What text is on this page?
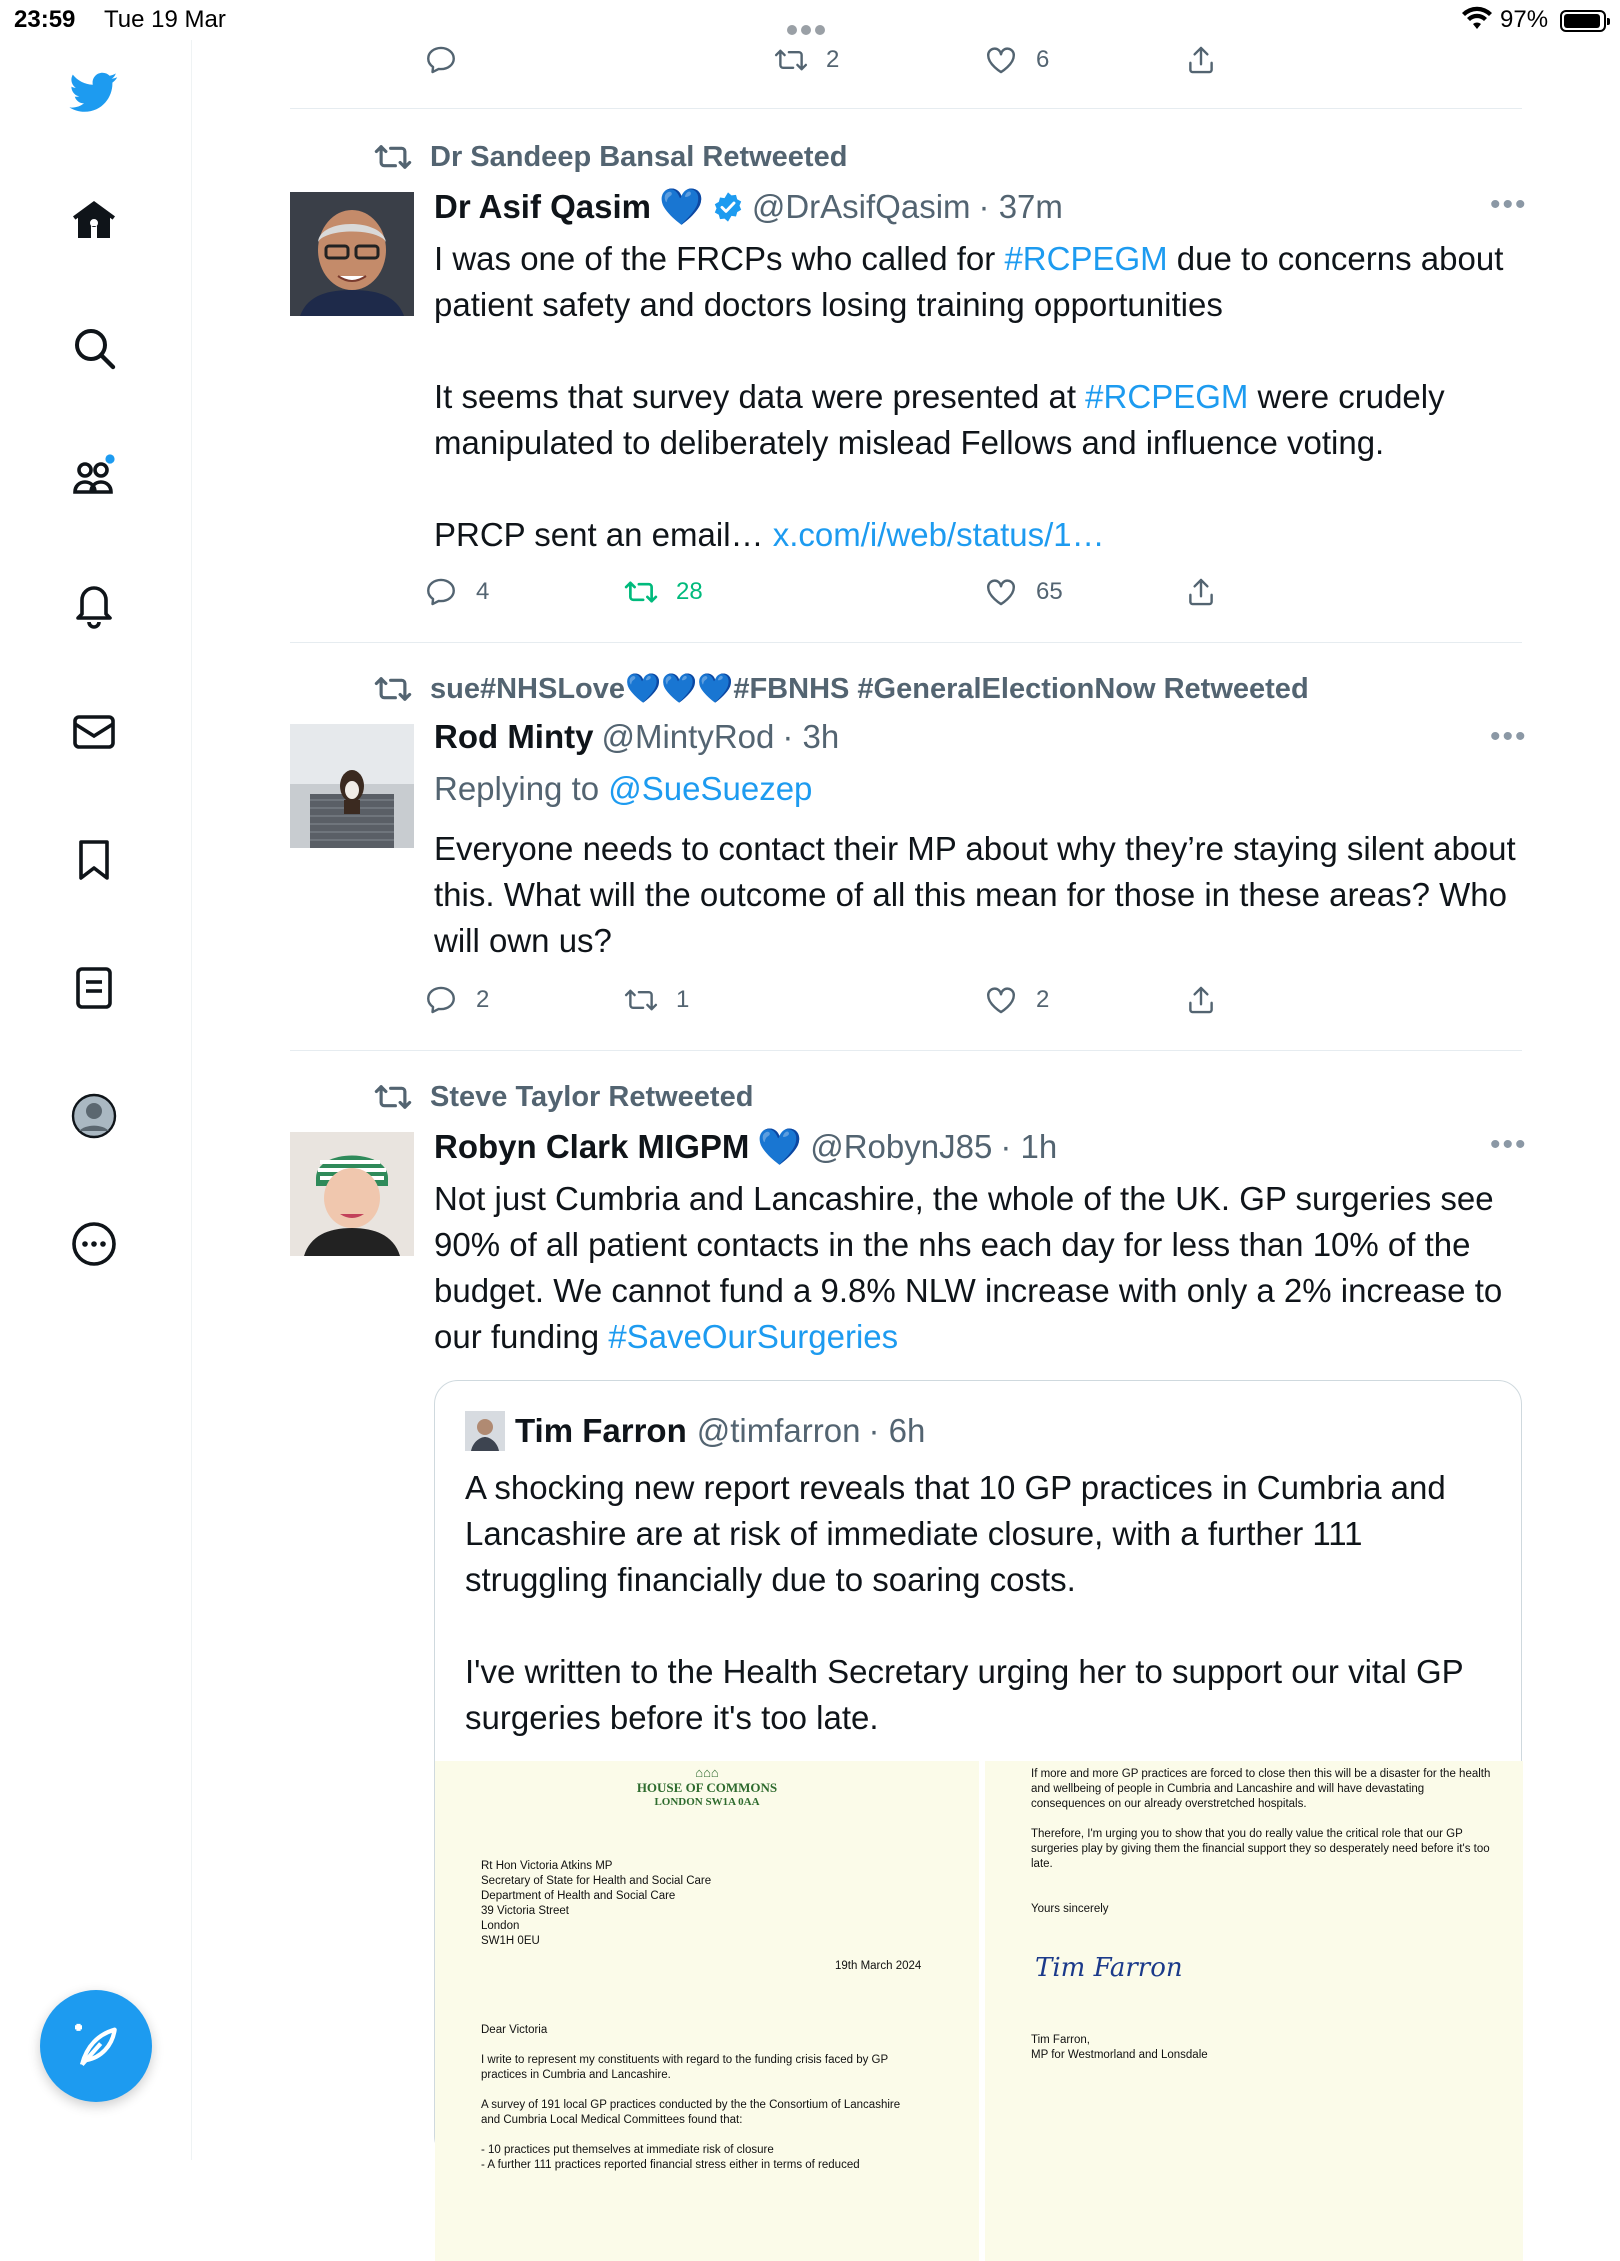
23:59 Tue 19 Mar	97%
2	6
Dr Sandeep Bansal Retweeted
Dr Asif Qasim 💙 @DrAsifQasim · 37m	•••

I was one of the FRCPs who called for #RCPEGM due to concerns about patient safety and doctors losing training opportunities

It seems that survey data were presented at #RCPEGM were crudely manipulated to deliberately mislead Fellows and influence voting.

PRCP sent an email… x.com/i/web/status/1…

4	28	65
sue#NHSLove💙💙💙#FBNHS #GeneralElectionNow Retweeted
Rod Minty @MintyRod · 3h	•••
Replying to @SueSuezep
Everyone needs to contact their MP about why they’re staying silent about this. What will the outcome of all this mean for those in these areas? Who will own us?
2	1	2
Steve Taylor Retweeted
Robyn Clark MIGPM 💙 @RobynJ85 · 1h	•••
Not just Cumbria and Lancashire, the whole of the UK. GP surgeries see 90% of all patient contacts in the nhs each day for less than 10% of the budget. We cannot fund a 9.8% NLW increase with only a 2% increase to our funding #SaveOurSurgeries
Tim Farron @timfarron · 6h

A shocking new report reveals that 10 GP practices in Cumbria and Lancashire are at risk of immediate closure, with a further 111 struggling financially due to soaring costs.

I've written to the Health Secretary urging her to support our vital GP surgeries before it's too late.

⌂⌂⌂
HOUSE OF COMMONS
LONDON SW1A 0AA
Rt Hon Victoria Atkins MP
Secretary of State for Health and Social Care
Department of Health and Social Care
39 Victoria Street
London
SW1H 0EU
19th March 2024
Dear Victoria
I write to represent my constituents with regard to the funding crisis faced by GP practices in Cumbria and Lancashire.
A survey of 191 local GP practices conducted by the the Consortium of Lancashire and Cumbria Local Medical Committees found that:
- 10 practices put themselves at immediate risk of closure
- A further 111 practices reported financial stress either in terms of reduced
If more and more GP practices are forced to close then this will be a disaster for the health and wellbeing of people in Cumbria and Lancashire and will have devastating consequences on our already overstretched hospitals.
Therefore, I'm urging you to show that you do really value the critical role that our GP surgeries play by giving them the financial support they so desperately need before it's too late.
Yours sincerely
Tim Farron
Tim Farron,
MP for Westmorland and Lonsdale
